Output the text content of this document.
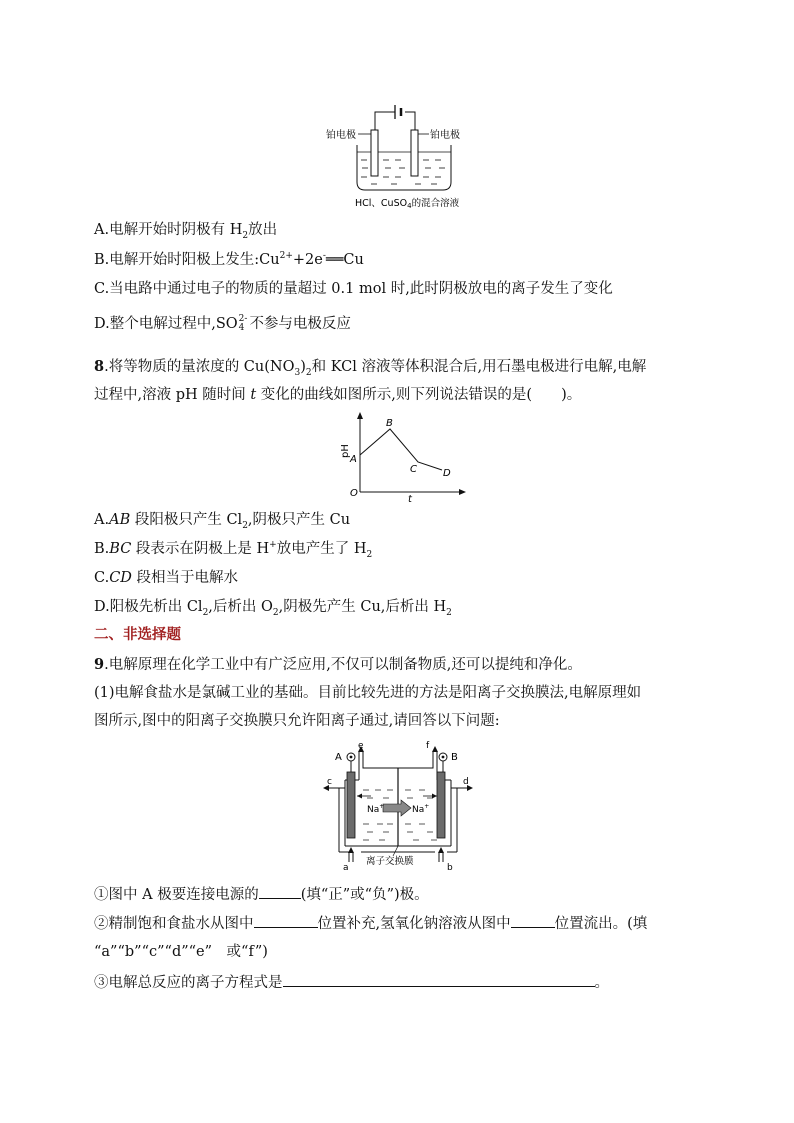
铂电极	铂电极
HCl、CuSO$_4$的混合溶液
A.电解开始时阴极有 $H_2$放出
B.电解开始时阳极上发生$:Cu^{2+}+2e^-══Cu$
C.当电路中通过电子的物质的量超过 0.1 mol 时,此时阴极放电的离子发生了变化
D.整个电解过程中,SO 2-
4 不参与电极反应
8.将等物质的量浓度的 $Cu(NO_3)_2$和 KCl 溶液等体积混合后,用石墨电极进行电解,电解
过程中,溶液 pH 随时间 t 变化的曲线如图所示,则下列说法错误的是(　　)。
pH
t
O
A
B
C	D
A.AB 段阳极只产生 $Cl_2$,阴极只产生 Cu
B.BC 段表示在阴极上是 H+放电产生了 $H_2$
C.CD 段相当于电解水
D.阳极先析出 $Cl_2$,后析出 $O_2$,阴极先产生 Cu,后析出 $H_2$
二、非选择题
9.电解原理在化学工业中有广泛应用,不仅可以制备物质,还可以提纯和净化。
(1)电解食盐水是氯碱工业的基础。目前比较先进的方法是阳离子交换膜法,电解原理如
图所示,图中的阳离子交换膜只允许阳离子通过,请回答以下问题:
A	B
e	f
c	d
a	b
Na+	Na+
离子交换膜
①图中 A 极要连接电源的	(填“正”或“负”)极。
②精制饱和食盐水从图中	位置补充,氢氧化钠溶液从图中	位置流出。(填
“a”“b”“c”“d”“e”　或“f”)
③电解总反应的离子方程式是	。
